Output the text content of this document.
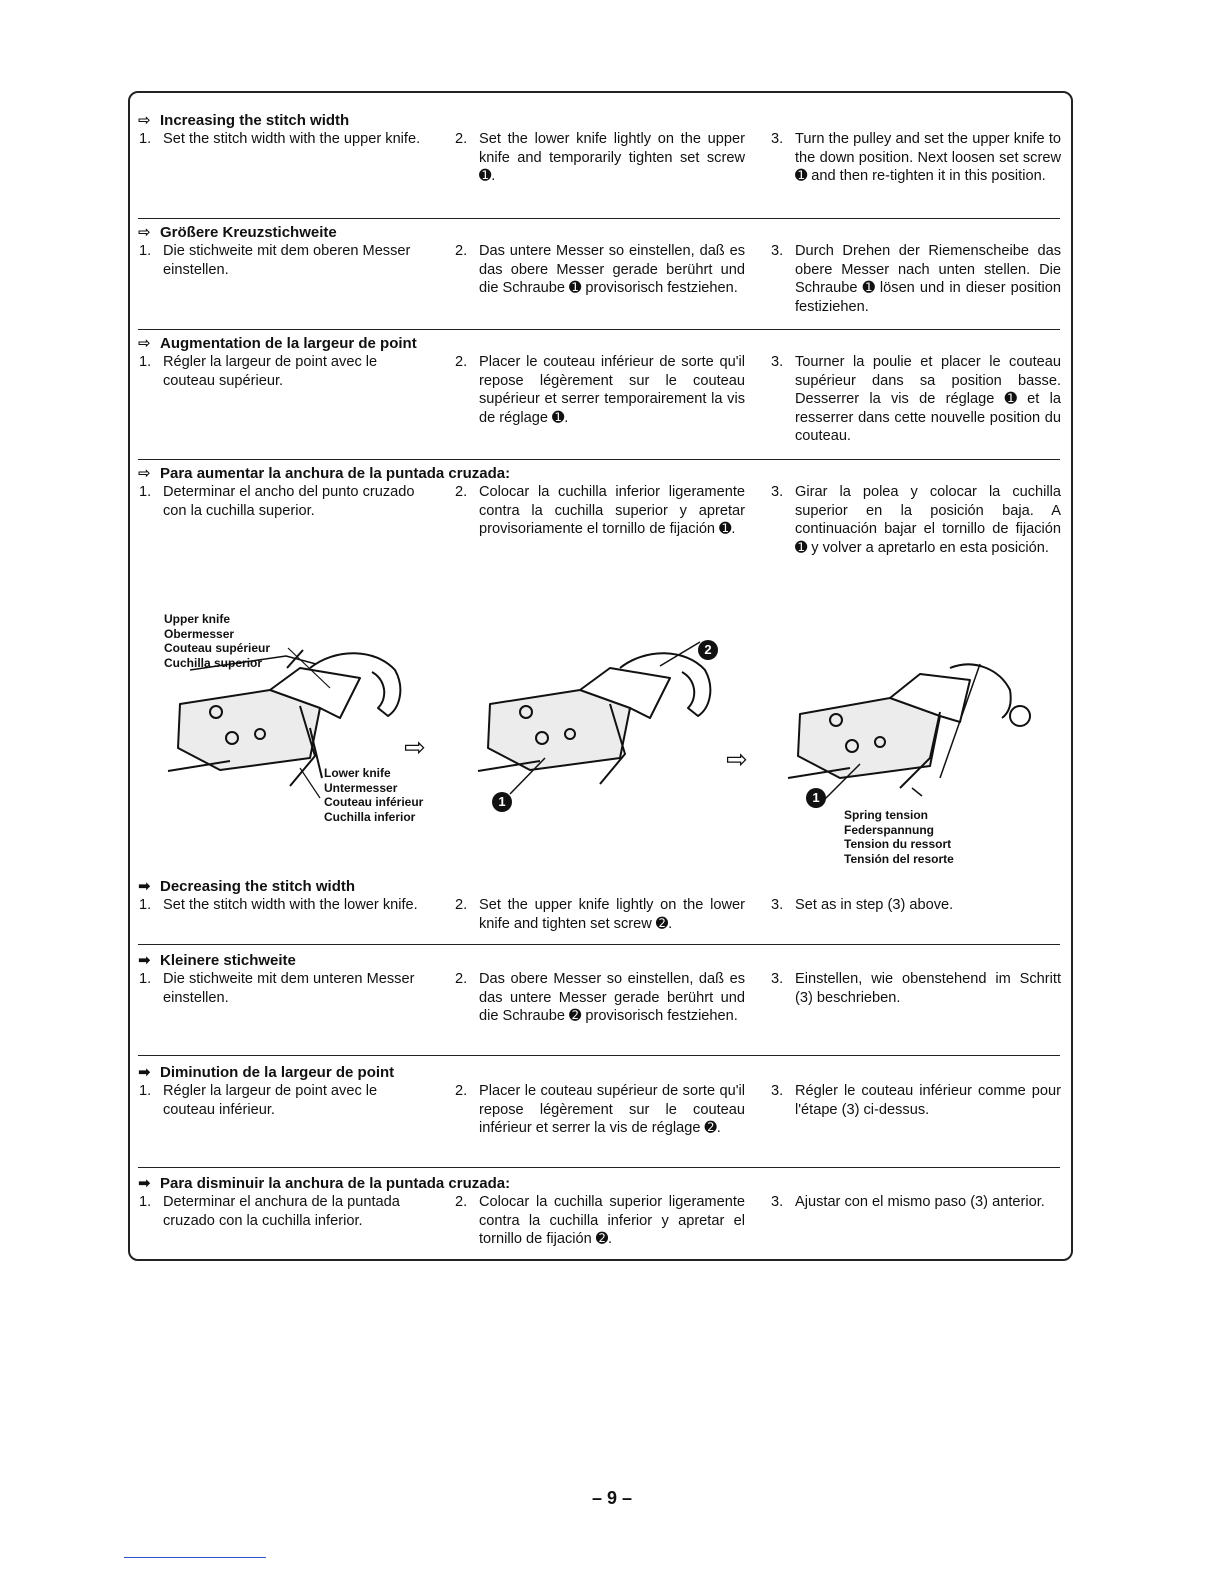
⇨ Increasing the stitch width
1. Set the stitch width with the upper knife.	2. Set the lower knife lightly on the upper knife and temporarily tighten set screw ➊.
3. Turn the pulley and set the upper knife to the down position. Next loosen set screw ➊ and then re-tighten it in this position.
⇨ Größere Kreuzstichweite
1. Die stichweite mit dem oberen Messer einstellen.
2. Das untere Messer so einstellen, daß es das obere Messer gerade berührt und die Schraube ➊ provisorisch festziehen.
3. Durch Drehen der Riemenscheibe das obere Messer nach unten stellen. Die Schraube ➊ lösen und in dieser position festiziehen.
⇨ Augmentation de la largeur de point
1. Régler la largeur de point avec le couteau supérieur.
2. Placer le couteau inférieur de sorte qu'il repose légèrement sur le couteau supérieur et serrer temporairement la vis de réglage ➊.
3. Tourner la poulie et placer le couteau supérieur dans sa position basse. Desserrer la vis de réglage ➊ et la resserrer dans cette nouvelle position du couteau.
⇨ Para aumentar la anchura de la puntada cruzada:
1. Determinar el ancho del punto cruzado con la cuchilla superior.
2. Colocar la cuchilla inferior ligeramente contra la cuchilla superior y apretar provisoriamente el tornillo de fijación ➊.
3. Girar la polea y colocar la cuchilla superior en la posición baja. A continuación bajar el tornillo de fijación ➊ y volver a apretarlo en esta posición.
Upper knife
Obermesser
Couteau supérieur
Cuchilla superior
Lower knife
Untermesser
Couteau inférieur
Cuchilla inferior	Spring tension
Federspannung
Tension du ressort
Tensión del resorte
⇨	⇨
1
2
1
➡ Decreasing the stitch width
1. Set the stitch width with the lower knife.	2. Set the upper knife lightly on the lower knife and tighten set screw ➋.
3. Set as in step (3) above.
➡ Kleinere stichweite
1. Die stichweite mit dem unteren Messer einstellen.
2. Das obere Messer so einstellen, daß es das untere Messer gerade berührt und die Schraube ➋ provisorisch festziehen.
3. Einstellen, wie obenstehend im Schritt (3) beschrieben.
➡ Diminution de la largeur de point
1. Régler la largeur de point avec le couteau inférieur.
2. Placer le couteau supérieur de sorte qu'il repose légèrement sur le couteau inférieur et serrer la vis de réglage ➋.
3. Régler le couteau inférieur comme pour l'étape (3) ci-dessus.
➡ Para disminuir la anchura de la puntada cruzada:
1. Determinar el anchura de la puntada cruzado con la cuchilla inferior.
2. Colocar la cuchilla superior ligeramente contra la cuchilla inferior y apretar el tornillo de fijación ➋.
3. Ajustar con el mismo paso (3) anterior.
– 9 –
